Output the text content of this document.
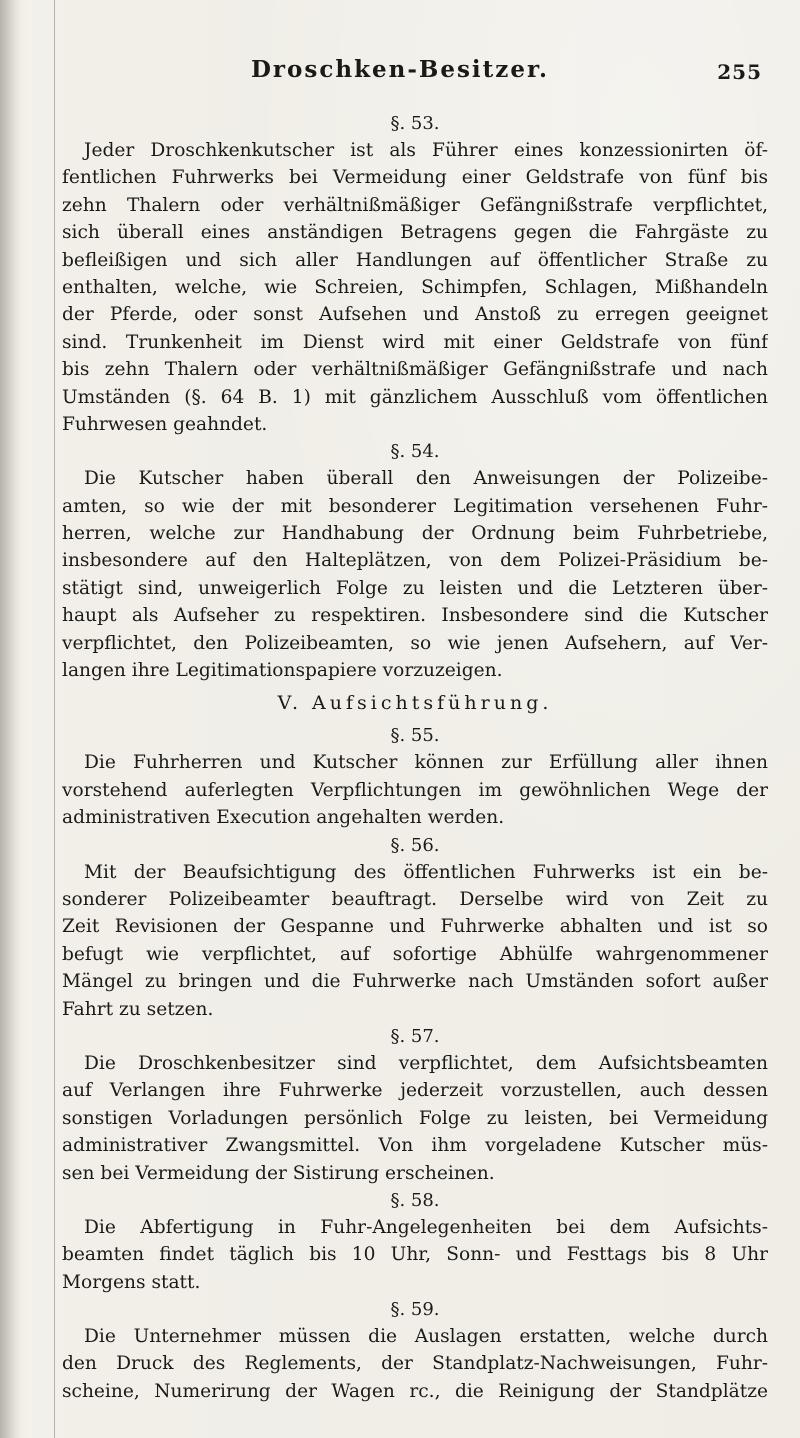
Droschken-Besitzer.	255
§. 53.
Jeder Droschkenkutscher ist als Führer eines konzessionirten öf-
fentlichen Fuhrwerks bei Vermeidung einer Geldstrafe von fünf bis
zehn Thalern oder verhältnißmäßiger Gefängnißstrafe verpflichtet,
sich überall eines anständigen Betragens gegen die Fahrgäste zu
befleißigen und sich aller Handlungen auf öffentlicher Straße zu
enthalten, welche, wie Schreien, Schimpfen, Schlagen, Mißhandeln
der Pferde, oder sonst Aufsehen und Anstoß zu erregen geeignet
sind. Trunkenheit im Dienst wird mit einer Geldstrafe von fünf
bis zehn Thalern oder verhältnißmäßiger Gefängnißstrafe und nach
Umständen (§. 64 B. 1) mit gänzlichem Ausschluß vom öffentlichen
Fuhrwesen geahndet.
§. 54.
Die Kutscher haben überall den Anweisungen der Polizeibe-
amten, so wie der mit besonderer Legitimation versehenen Fuhr-
herren, welche zur Handhabung der Ordnung beim Fuhrbetriebe,
insbesondere auf den Halteplätzen, von dem Polizei-Präsidium be-
stätigt sind, unweigerlich Folge zu leisten und die Letzteren über-
haupt als Aufseher zu respektiren. Insbesondere sind die Kutscher
verpflichtet, den Polizeibeamten, so wie jenen Aufsehern, auf Ver-
langen ihre Legitimationspapiere vorzuzeigen.
V. Aufsichtsführung.
§. 55.
Die Fuhrherren und Kutscher können zur Erfüllung aller ihnen
vorstehend auferlegten Verpflichtungen im gewöhnlichen Wege der
administrativen Execution angehalten werden.
§. 56.
Mit der Beaufsichtigung des öffentlichen Fuhrwerks ist ein be-
sonderer Polizeibeamter beauftragt. Derselbe wird von Zeit zu
Zeit Revisionen der Gespanne und Fuhrwerke abhalten und ist so
befugt wie verpflichtet, auf sofortige Abhülfe wahrgenommener
Mängel zu bringen und die Fuhrwerke nach Umständen sofort außer
Fahrt zu setzen.
§. 57.
Die Droschkenbesitzer sind verpflichtet, dem Aufsichtsbeamten
auf Verlangen ihre Fuhrwerke jederzeit vorzustellen, auch dessen
sonstigen Vorladungen persönlich Folge zu leisten, bei Vermeidung
administrativer Zwangsmittel. Von ihm vorgeladene Kutscher müs-
sen bei Vermeidung der Sistirung erscheinen.
§. 58.
Die Abfertigung in Fuhr-Angelegenheiten bei dem Aufsichts-
beamten findet täglich bis 10 Uhr, Sonn- und Festtags bis 8 Uhr
Morgens statt.
§. 59.
Die Unternehmer müssen die Auslagen erstatten, welche durch
den Druck des Reglements, der Standplatz-Nachweisungen, Fuhr-
scheine, Numerirung der Wagen rc., die Reinigung der Standplätze
